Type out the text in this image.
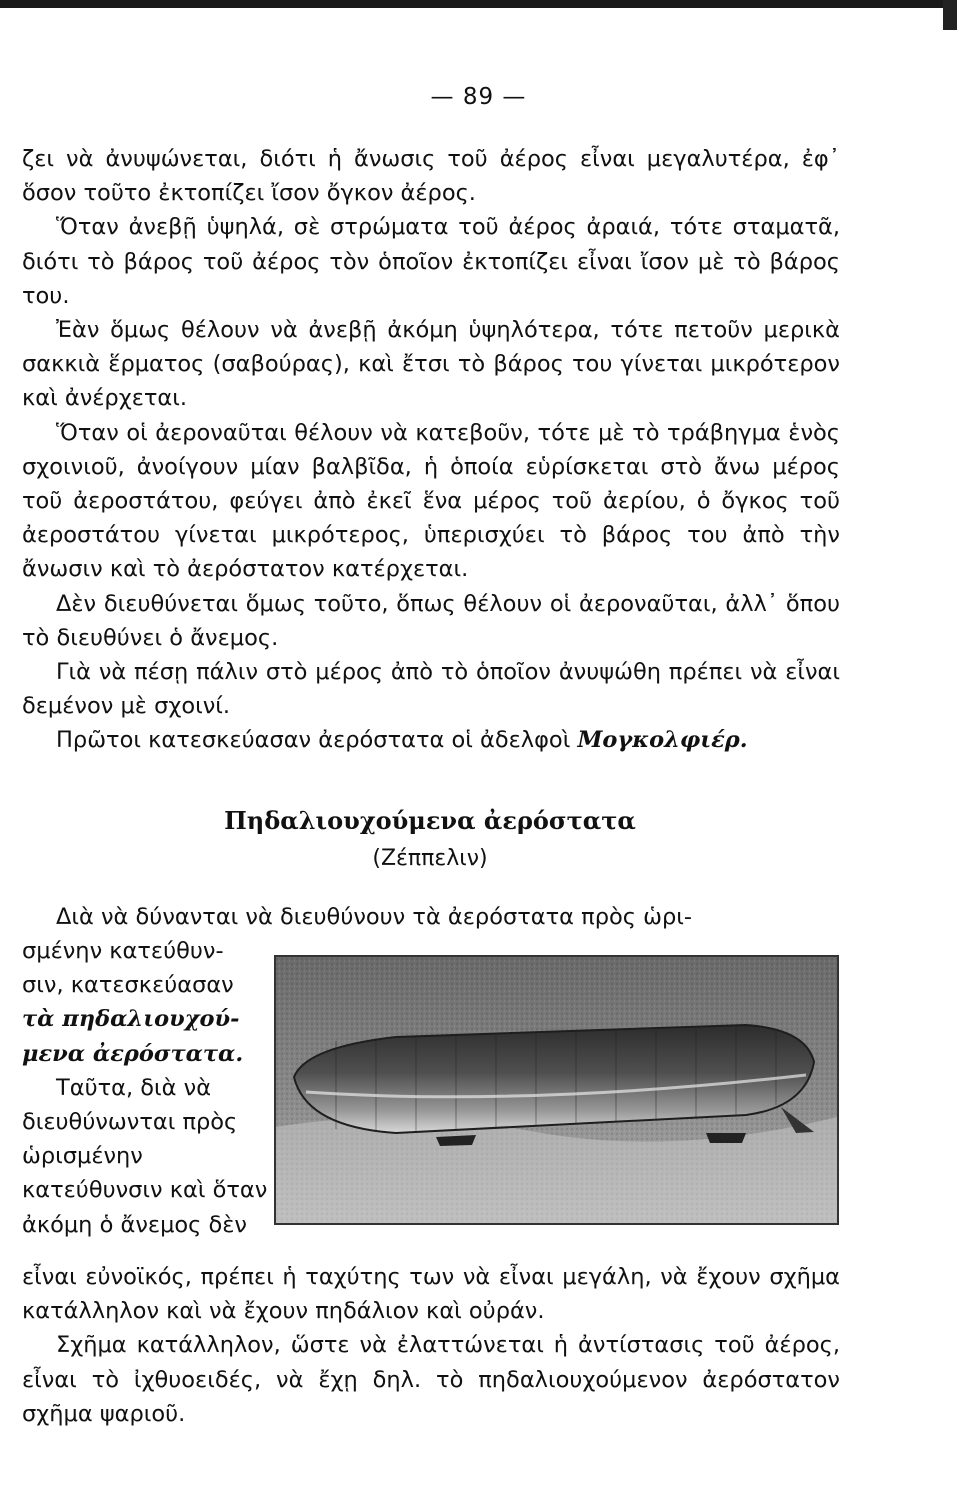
— 89 —

ζει νὰ ἀνυψώνεται, διότι ἡ ἄνωσις τοῦ ἀέρος εἶναι μεγαλυτέρα, ἐφ᾽ ὅσον τοῦτο ἐκτοπίζει ἴσον ὄγκον ἀέρος.

Ὅταν ἀνεβῇ ὑψηλά, σὲ στρώματα τοῦ ἀέρος ἀραιά, τότε σταματᾶ, διότι τὸ βάρος τοῦ ἀέρος τὸν ὁποῖον ἐκτοπίζει εἶναι ἴσον μὲ τὸ βάρος του.

Ἐὰν ὅμως θέλουν νὰ ἀνεβῇ ἀκόμη ὑψηλότερα, τότε πετοῦν μερικὰ σακκιὰ ἕρματος (σαβούρας), καὶ ἔτσι τὸ βάρος του γίνεται μικρότερον καὶ ἀνέρχεται.

Ὅταν οἱ ἀεροναῦται θέλουν νὰ κατεβοῦν, τότε μὲ τὸ τράβηγμα ἑνὸς σχοινιοῦ, ἀνοίγουν μίαν βαλβῖδα, ἡ ὁποία εὑρίσκεται στὸ ἄνω μέρος τοῦ ἀεροστάτου, φεύγει ἀπὸ ἐκεῖ ἕνα μέρος τοῦ ἀερίου, ὁ ὄγκος τοῦ ἀεροστάτου γίνεται μικρότερος, ὑπερισχύει τὸ βάρος του ἀπὸ τὴν ἄνωσιν καὶ τὸ ἀερόστατον κατέρχεται.

Δὲν διευθύνεται ὅμως τοῦτο, ὅπως θέλουν οἱ ἀεροναῦται, ἀλλ᾽ ὅπου τὸ διευθύνει ὁ ἄνεμος.

Γιὰ νὰ πέσῃ πάλιν στὸ μέρος ἀπὸ τὸ ὁποῖον ἀνυψώθη πρέπει νὰ εἶναι δεμένον μὲ σχοινί.

Πρῶτοι κατεσκεύασαν ἀερόστατα οἱ ἀδελφοὶ Μογκολφιέρ.

Πηδαλιουχούμενα ἀερόστατα
(Ζέππελιν)

Διὰ νὰ δύνανται νὰ διευθύνουν τὰ ἀερόστατα πρὸς ὡρι-

σμένην κατεύθυν-

σιν, κατεσκεύασαν

τὰ πηδαλιουχού-

μενα ἀερόστατα.

Ταῦτα, διὰ νὰ διευθύνωνται πρὸς ὡρισμένην κατεύθυνσιν καὶ ὅταν ἀκόμη ὁ ἄνεμος δὲν

εἶναι εὐνοϊκός, πρέπει ἡ ταχύτης των νὰ εἶναι μεγάλη, νὰ ἔχουν σχῆμα κατάλληλον καὶ νὰ ἔχουν πηδάλιον καὶ οὐράν.

Σχῆμα κατάλληλον, ὥστε νὰ ἐλαττώνεται ἡ ἀντίστασις τοῦ ἀέρος, εἶναι τὸ ἰχθυοειδές, νὰ ἔχῃ δηλ. τὸ πηδαλιουχούμενον ἀερόστατον σχῆμα ψαριοῦ.
